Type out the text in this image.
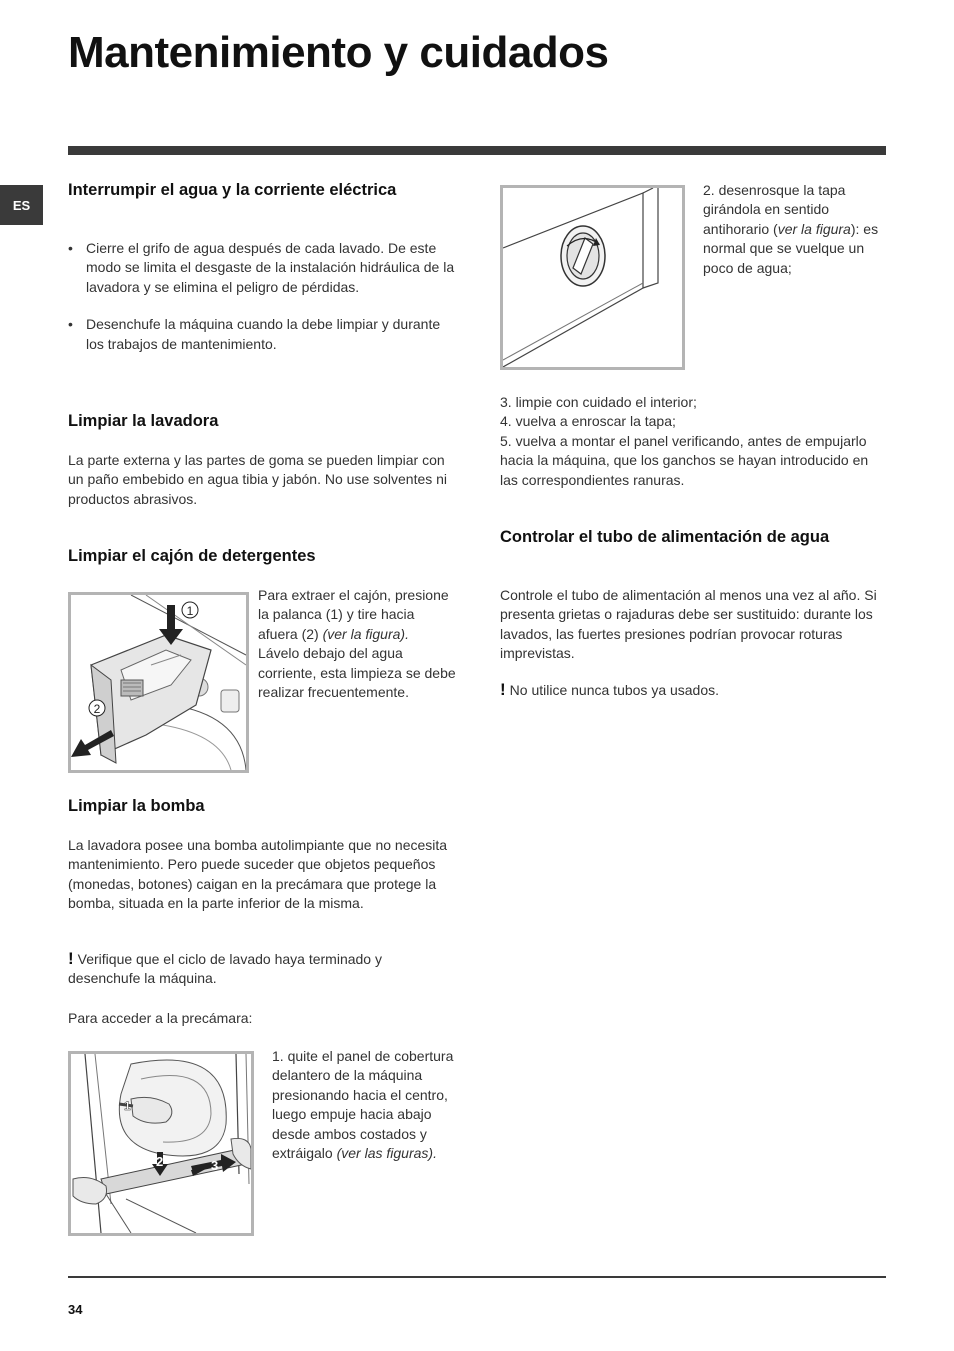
Mantenimiento y cuidados
ES
Interrumpir el agua y la corriente eléctrica
• Cierre el grifo de agua después de cada lavado. De este modo se limita el desgaste de la instalación hidráulica de la lavadora y se elimina el peligro de pérdidas.
• Desenchufe la máquina cuando la debe limpiar y durante los trabajos de mantenimiento.
Limpiar la lavadora
La parte externa y las partes de goma se pueden limpiar con un paño embebido en agua tibia y jabón. No use solventes ni productos abrasivos.
Limpiar el cajón de detergentes
1
2
Para extraer el cajón, presione la palanca (1) y tire hacia afuera (2) (ver la figura).
Lávelo debajo del agua corriente, esta limpieza se debe realizar frecuentemente.
Limpiar la bomba
La lavadora posee una bomba autolimpiante que no necesita mantenimiento. Pero puede suceder que objetos pequeños (monedas, botones) caigan en la precámara que protege la bomba, situada en la parte inferior de la misma.
! Verifique que el ciclo de lavado haya terminado y desenchufe la máquina.
Para acceder a la precámara:
1
2	3
1. quite el panel de cobertura delantero de la máquina presionando hacia el centro, luego empuje hacia abajo desde ambos costados y extráigalo (ver las figuras).
2. desenrosque la tapa girándola en sentido antihorario (ver la figura): es normal que se vuelque un poco de agua;
3. limpie con cuidado el interior;
4. vuelva a enroscar la tapa;
5. vuelva a montar el panel verificando, antes de empujarlo hacia la máquina, que los ganchos se hayan introducido en las correspondientes ranuras.
Controlar el tubo de alimentación de agua
Controle el tubo de alimentación al menos una vez al año. Si presenta grietas o rajaduras debe ser sustituido: durante los lavados, las fuertes presiones podrían provocar roturas imprevistas.
! No utilice nunca tubos ya usados.
34
